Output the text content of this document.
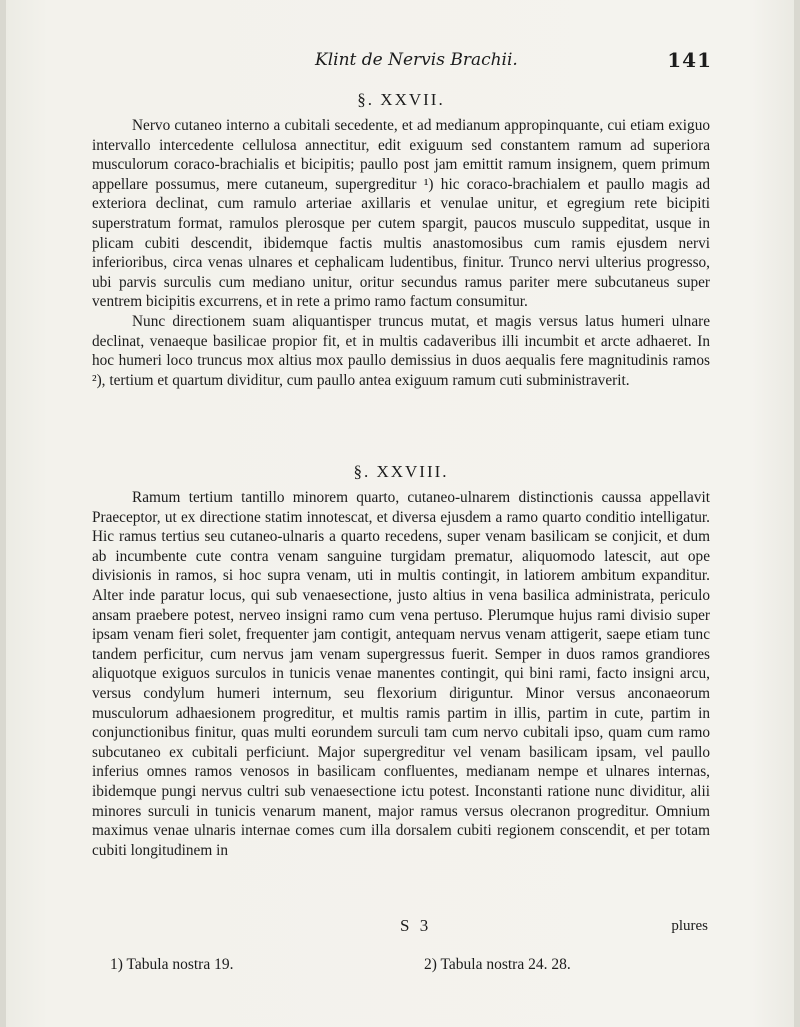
Klint de Nervis Brachii.	141
§. XXVII.

Nervo cutaneo interno a cubitali secedente, et ad medianum appropinquante, cui etiam exiguo intervallo intercedente cellulosa annectitur, edit exiguum sed constantem ramum ad superiora musculorum coraco-brachialis et bicipitis; paullo post jam emittit ramum insignem, quem primum appellare possumus, mere cutaneum, supergreditur ¹) hic coraco-brachialem et paullo magis ad exteriora declinat, cum ramulo arteriae axillaris et venulae unitur, et egregium rete bicipiti superstratum format, ramulos plerosque per cutem spargit, paucos musculo suppeditat, usque in plicam cubiti descendit, ibidemque factis multis anastomosibus cum ramis ejusdem nervi inferioribus, circa venas ulnares et cephalicam ludentibus, finitur. Trunco nervi ulterius progresso, ubi parvis surculis cum mediano unitur, oritur secundus ramus pariter mere subcutaneus super ventrem bicipitis excurrens, et in rete a primo ramo factum consumitur.

Nunc directionem suam aliquantisper truncus mutat, et magis versus latus humeri ulnare declinat, venaeque basilicae propior fit, et in multis cadaveribus illi incumbit et arcte adhaeret. In hoc humeri loco truncus mox altius mox paullo demissius in duos aequalis fere magnitudinis ramos ²), tertium et quartum dividitur, cum paullo antea exiguum ramum cuti subministraverit.

§. XXVIII.

Ramum tertium tantillo minorem quarto, cutaneo-ulnarem distinctionis caussa appellavit Praeceptor, ut ex directione statim innotescat, et diversa ejusdem a ramo quarto conditio intelligatur. Hic ramus tertius seu cutaneo-ulnaris a quarto recedens, super venam basilicam se conjicit, et dum ab incumbente cute contra venam sanguine turgidam prematur, aliquomodo latescit, aut ope divisionis in ramos, si hoc supra venam, uti in multis contingit, in latiorem ambitum expanditur. Alter inde paratur locus, qui sub venaesectione, justo altius in vena basilica administrata, periculo ansam praebere potest, nerveo insigni ramo cum vena pertuso. Plerumque hujus rami divisio super ipsam venam fieri solet, frequenter jam contigit, antequam nervus venam attigerit, saepe etiam tunc tandem perficitur, cum nervus jam venam supergressus fuerit. Semper in duos ramos grandiores aliquotque exiguos surculos in tunicis venae manentes contingit, qui bini rami, facto insigni arcu, versus condylum humeri internum, seu flexorium diriguntur. Minor versus anconaeorum musculorum adhaesionem progreditur, et multis ramis partim in illis, partim in cute, partim in conjunctionibus finitur, quas multi eorundem surculi tam cum nervo cubitali ipso, quam cum ramo subcutaneo ex cubitali perficiunt. Major supergreditur vel venam basilicam ipsam, vel paullo inferius omnes ramos venosos in basilicam confluentes, medianam nempe et ulnares internas, ibidemque pungi nervus cultri sub venaesectione ictu potest. Inconstanti ratione nunc dividitur, alii minores surculi in tunicis venarum manent, major ramus versus olecranon progreditur. Omnium maximus venae ulnaris internae comes cum illa dorsalem cubiti regionem conscendit, et per totam cubiti longitudinem in

S 3	plures
1) Tabula nostra 19.	2) Tabula nostra 24. 28.
